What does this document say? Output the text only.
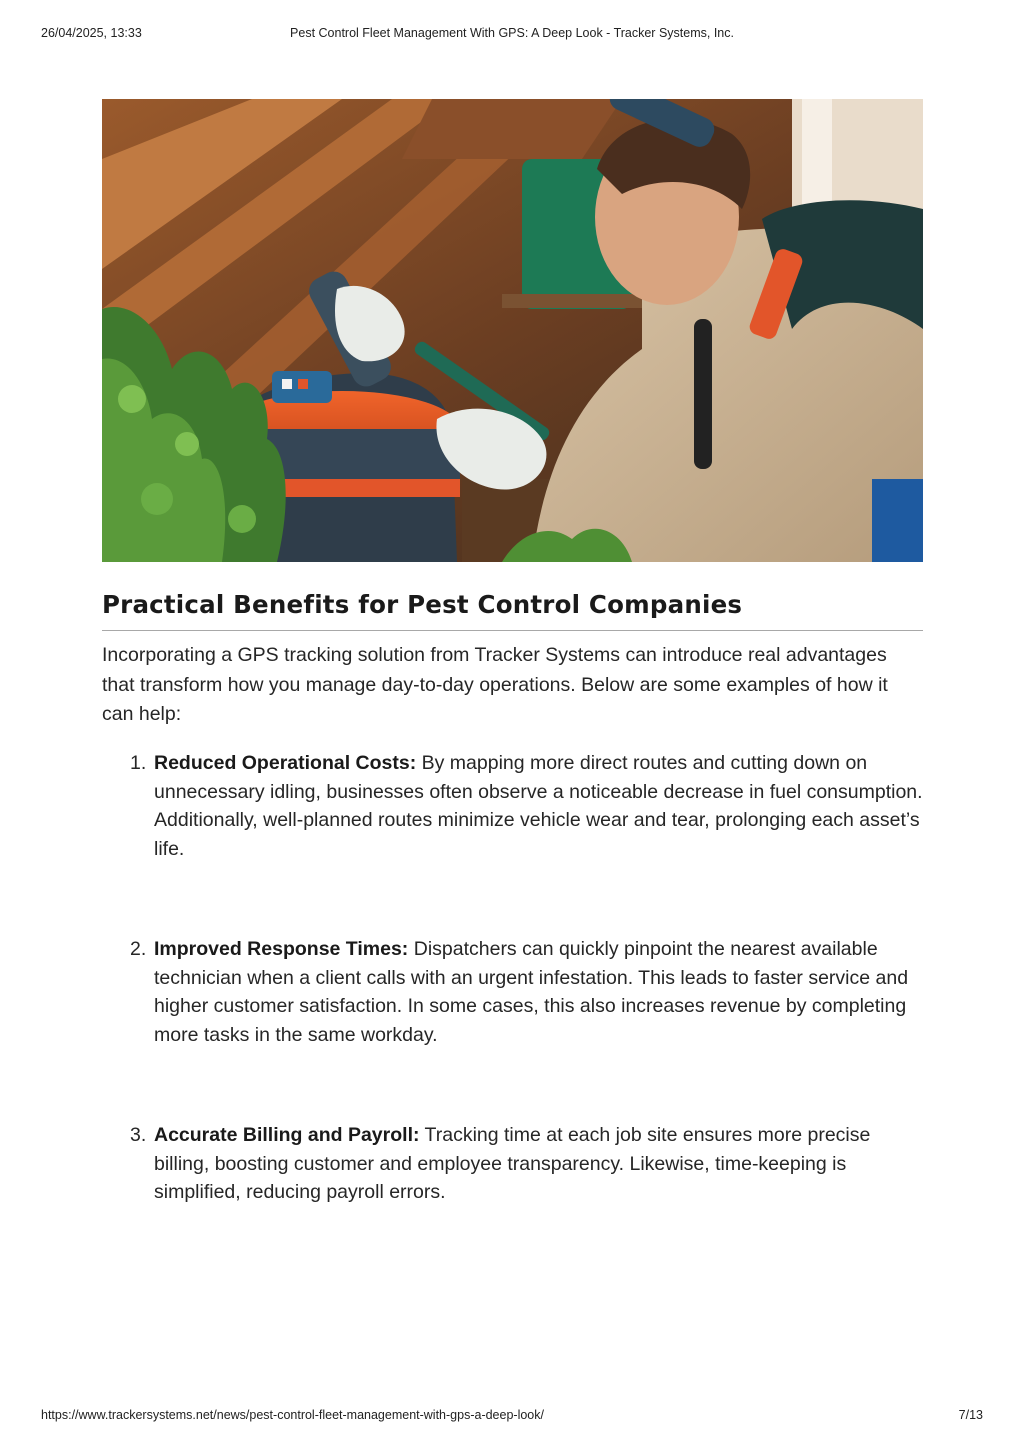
26/04/2025, 13:33	Pest Control Fleet Management With GPS: A Deep Look - Tracker Systems, Inc.
Practical Benefits for Pest Control Companies

Incorporating a GPS tracking solution from Tracker Systems can introduce real advantages that transform how you manage day-to-day operations. Below are some examples of how it can help:

1. Reduced Operational Costs: By mapping more direct routes and cutting down on unnecessary idling, businesses often observe a noticeable decrease in fuel consumption. Additionally, well-planned routes minimize vehicle wear and tear, prolonging each asset’s life.

2. Improved Response Times: Dispatchers can quickly pinpoint the nearest available technician when a client calls with an urgent infestation. This leads to faster service and higher customer satisfaction. In some cases, this also increases revenue by completing more tasks in the same workday.

3. Accurate Billing and Payroll: Tracking time at each job site ensures more precise billing, boosting customer and employee transparency. Likewise, time-keeping is simplified, reducing payroll errors.

https://www.trackersystems.net/news/pest-control-fleet-management-with-gps-a-deep-look/	7/13
